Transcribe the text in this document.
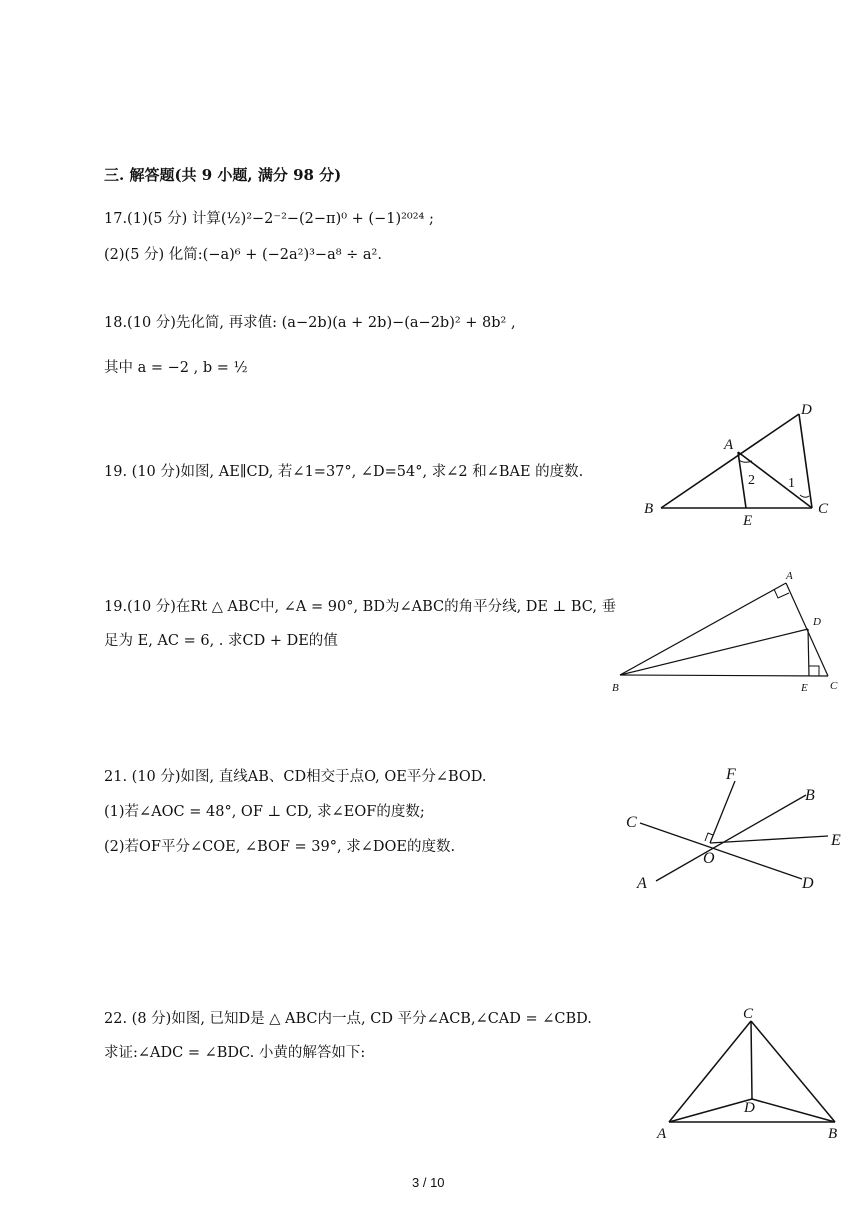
三. 解答题(共 9 小题, 满分 98 分)
17.(1)(5 分) 计算(½)²−2⁻²−(2−π)⁰ + (−1)²⁰²⁴ ;
(2)(5 分) 化简:(−a)⁶ + (−2a²)³−a⁸ ÷ a².
18.(10 分)先化简, 再求值: (a−2b)(a + 2b)−(a−2b)² + 8b² ,
其中 a = −2 , b = ½
19. (10 分)如图, AE∥CD, 若∠1=37°, ∠D=54°, 求∠2 和∠BAE 的度数.
D
A
2 1
B
E
C
19.(10 分)在Rt △ ABC中, ∠A = 90°, BD为∠ABC的角平分线, DE ⊥ BC, 垂
足为 E, AC = 6, . 求CD + DE的值
A
D
B	E C
21. (10 分)如图, 直线AB、CD相交于点O, OE平分∠BOD.
(1)若∠AOC = 48°, OF ⊥ CD, 求∠EOF的度数;
(2)若OF平分∠COE, ∠BOF = 39°, 求∠DOE的度数.
F
B
C
E
O
A	D
22. (8 分)如图, 已知D是 △ ABC内一点, CD 平分∠ACB,∠CAD = ∠CBD.
求证:∠ADC = ∠BDC. 小黄的解答如下:
C
D
A	B
3 / 10
